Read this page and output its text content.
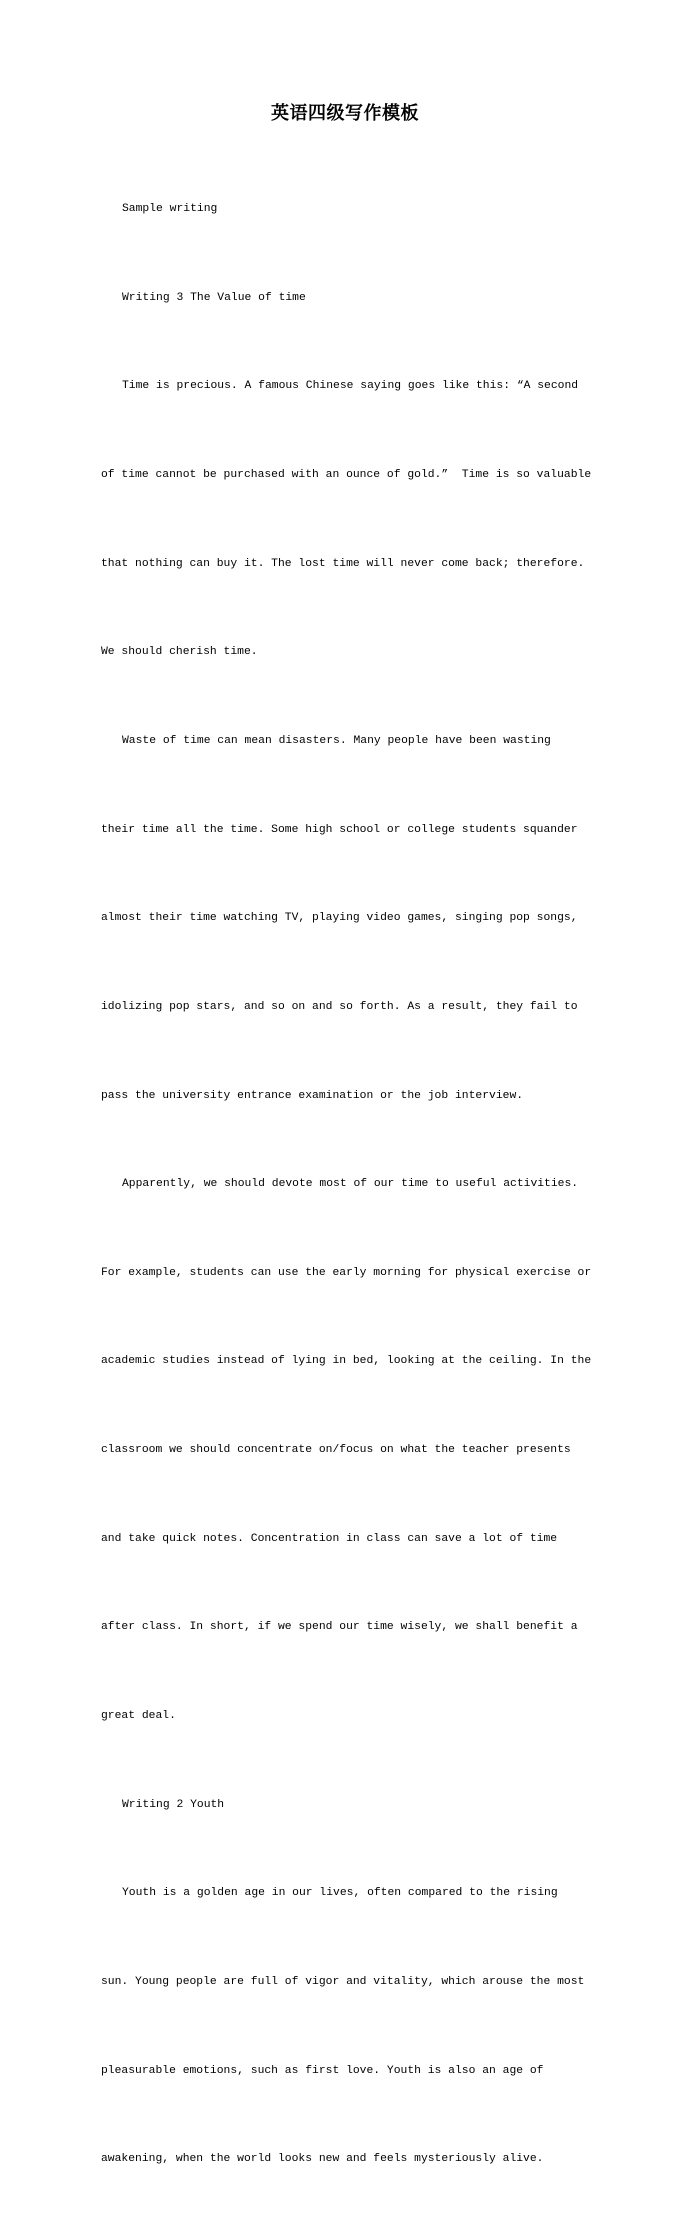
英语四级写作模板

Sample writing

Writing 3 The Value of time

Time is precious. A famous Chinese saying goes like this: “A second

of time cannot be purchased with an ounce of gold.”  Time is so valuable

that nothing can buy it. The lost time will never come back; therefore.

We should cherish time.

Waste of time can mean disasters. Many people have been wasting

their time all the time. Some high school or college students squander

almost their time watching TV, playing video games, singing pop songs,

idolizing pop stars, and so on and so forth. As a result, they fail to

pass the university entrance examination or the job interview.

Apparently, we should devote most of our time to useful activities.

For example, students can use the early morning for physical exercise or

academic studies instead of lying in bed, looking at the ceiling. In the

classroom we should concentrate on/focus on what the teacher presents

and take quick notes. Concentration in class can save a lot of time

after class. In short, if we spend our time wisely, we shall benefit a

great deal.

Writing 2 Youth

Youth is a golden age in our lives, often compared to the rising

sun. Young people are full of vigor and vitality, which arouse the most

pleasurable emotions, such as first love. Youth is also an age of

awakening, when the world looks new and feels mysteriously alive.
